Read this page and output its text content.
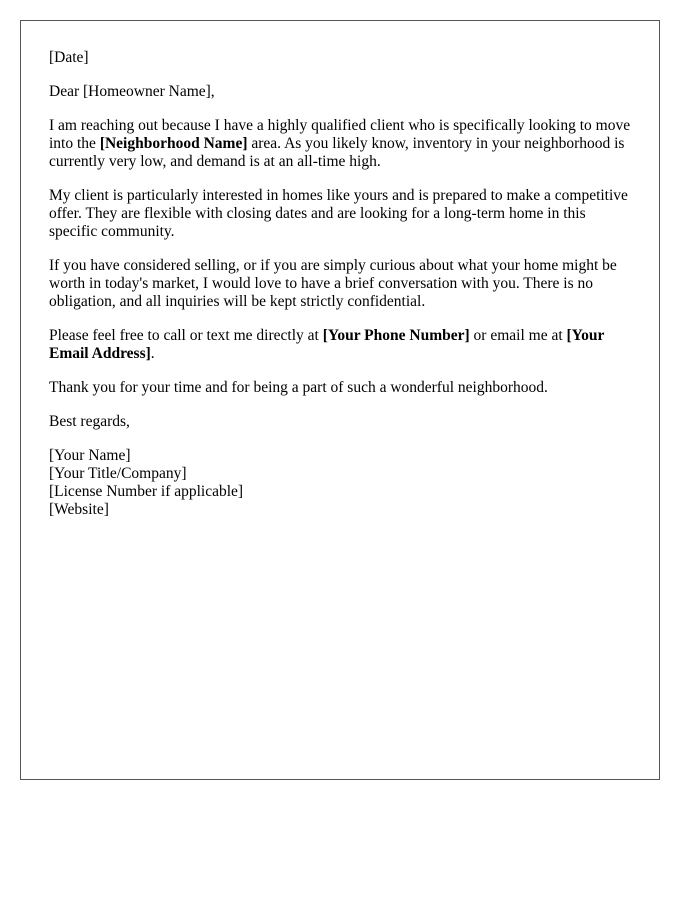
[Date]

Dear [Homeowner Name],

I am reaching out because I have a highly qualified client who is specifically looking to move into the [Neighborhood Name] area. As you likely know, inventory in your neighborhood is currently very low, and demand is at an all-time high.

My client is particularly interested in homes like yours and is prepared to make a competitive offer. They are flexible with closing dates and are looking for a long-term home in this specific community.

If you have considered selling, or if you are simply curious about what your home might be worth in today's market, I would love to have a brief conversation with you. There is no obligation, and all inquiries will be kept strictly confidential.

Please feel free to call or text me directly at [Your Phone Number] or email me at [Your Email Address].

Thank you for your time and for being a part of such a wonderful neighborhood.

Best regards,

[Your Name]
[Your Title/Company]
[License Number if applicable]
[Website]
